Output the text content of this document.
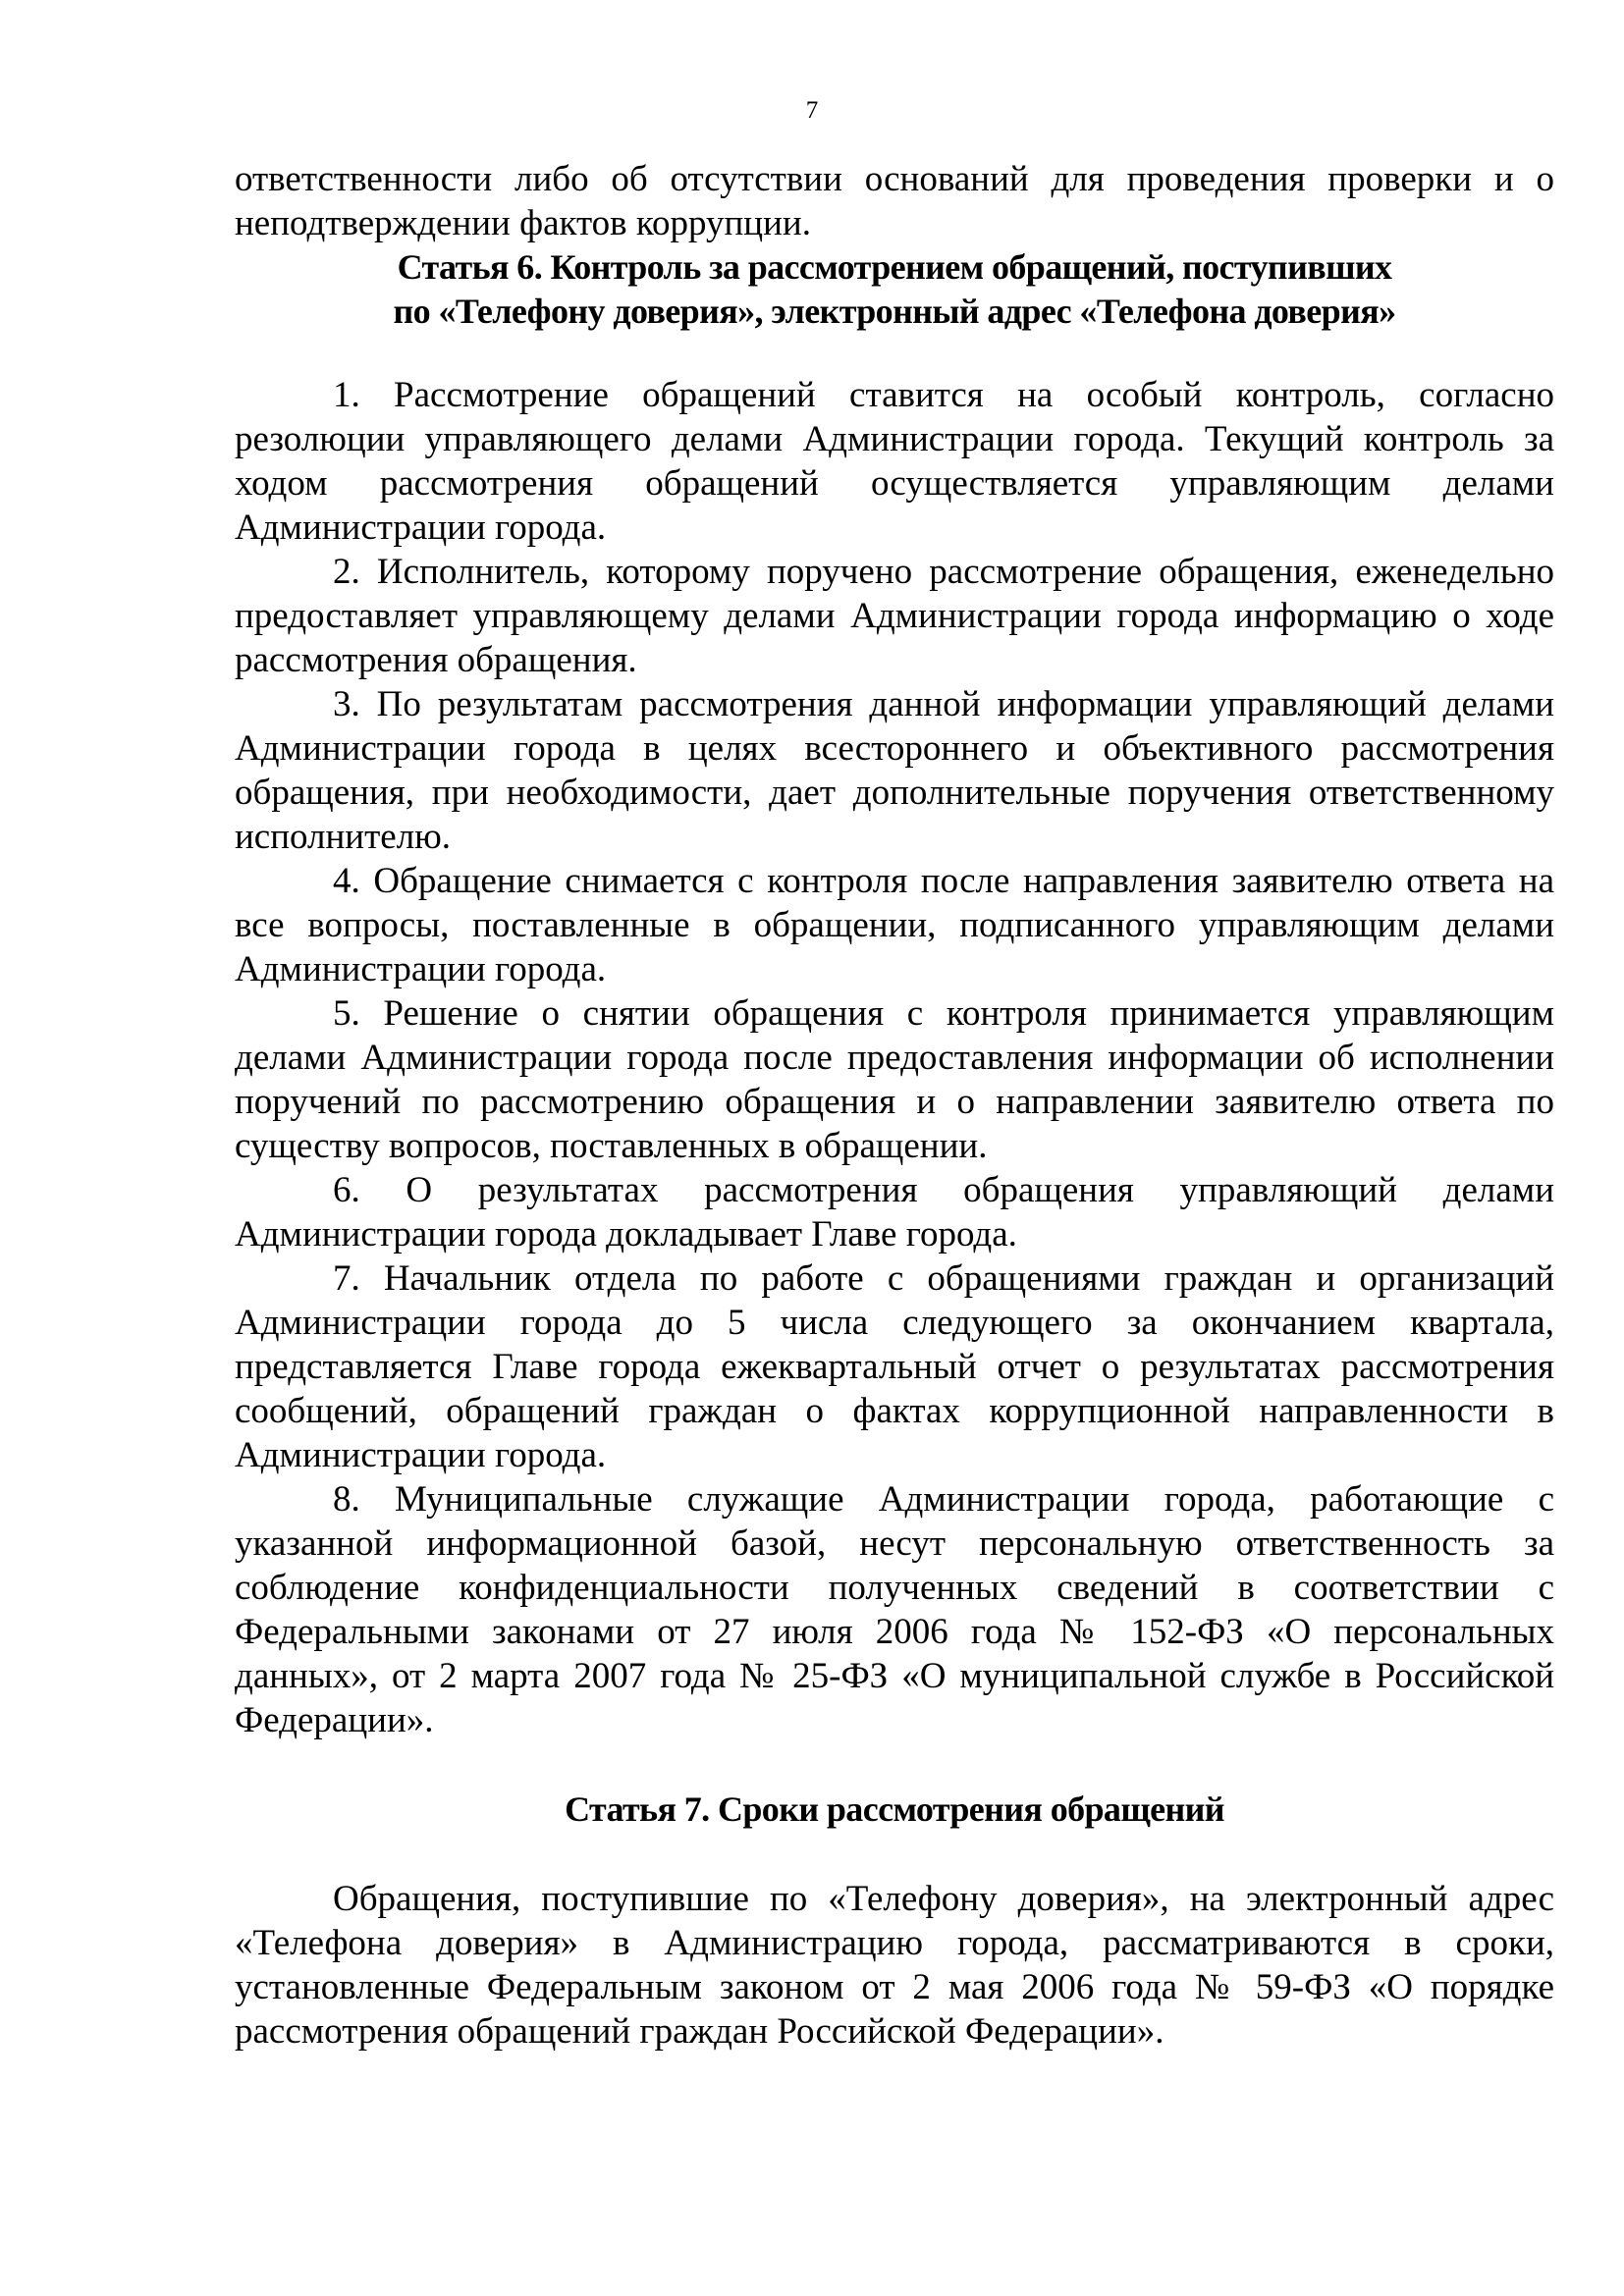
7

ответственности либо об отсутствии оснований для проведения проверки и о неподтверждении фактов коррупции.

Статья 6. Контроль за рассмотрением обращений, поступивших
по «Телефону доверия», электронный адрес «Телефона доверия»

1. Рассмотрение обращений ставится на особый контроль, согласно резолюции управляющего делами Администрации города. Текущий контроль за ходом рассмотрения обращений осуществляется управляющим делами Администрации города.

2. Исполнитель, которому поручено рассмотрение обращения, еженедельно предоставляет управляющему делами Администрации города информацию о ходе рассмотрения обращения.

3. По результатам рассмотрения данной информации управляющий делами Администрации города в целях всестороннего и объективного рассмотрения обращения, при необходимости, дает дополнительные поручения ответственному исполнителю.

4. Обращение снимается с контроля после направления заявителю ответа на все вопросы, поставленные в обращении, подписанного управляющим делами Администрации города.

5. Решение о снятии обращения с контроля принимается управляющим делами Администрации города после предоставления информации об исполнении поручений по рассмотрению обращения и о направлении заявителю ответа по существу вопросов, поставленных в обращении.

6. О результатах рассмотрения обращения управляющий делами Администрации города докладывает Главе города.

7. Начальник отдела по работе с обращениями граждан и организаций Администрации города до 5 числа следующего за окончанием квартала, представляется Главе города ежеквартальный отчет о результатах рассмотрения сообщений, обращений граждан о фактах коррупционной направленности в Администрации города.

8. Муниципальные служащие Администрации города, работающие с указанной информационной базой, несут персональную ответственность за соблюдение конфиденциальности полученных сведений в соответствии с Федеральными законами от 27 июля 2006 года № 152-ФЗ «О персональных данных», от 2 марта 2007 года № 25-ФЗ «О муниципальной службе в Российской Федерации».

Статья 7. Сроки рассмотрения обращений

Обращения, поступившие по «Телефону доверия», на электронный адрес «Телефона доверия» в Администрацию города, рассматриваются в сроки, установленные Федеральным законом от 2 мая 2006 года № 59-ФЗ «О порядке рассмотрения обращений граждан Российской Федерации».
